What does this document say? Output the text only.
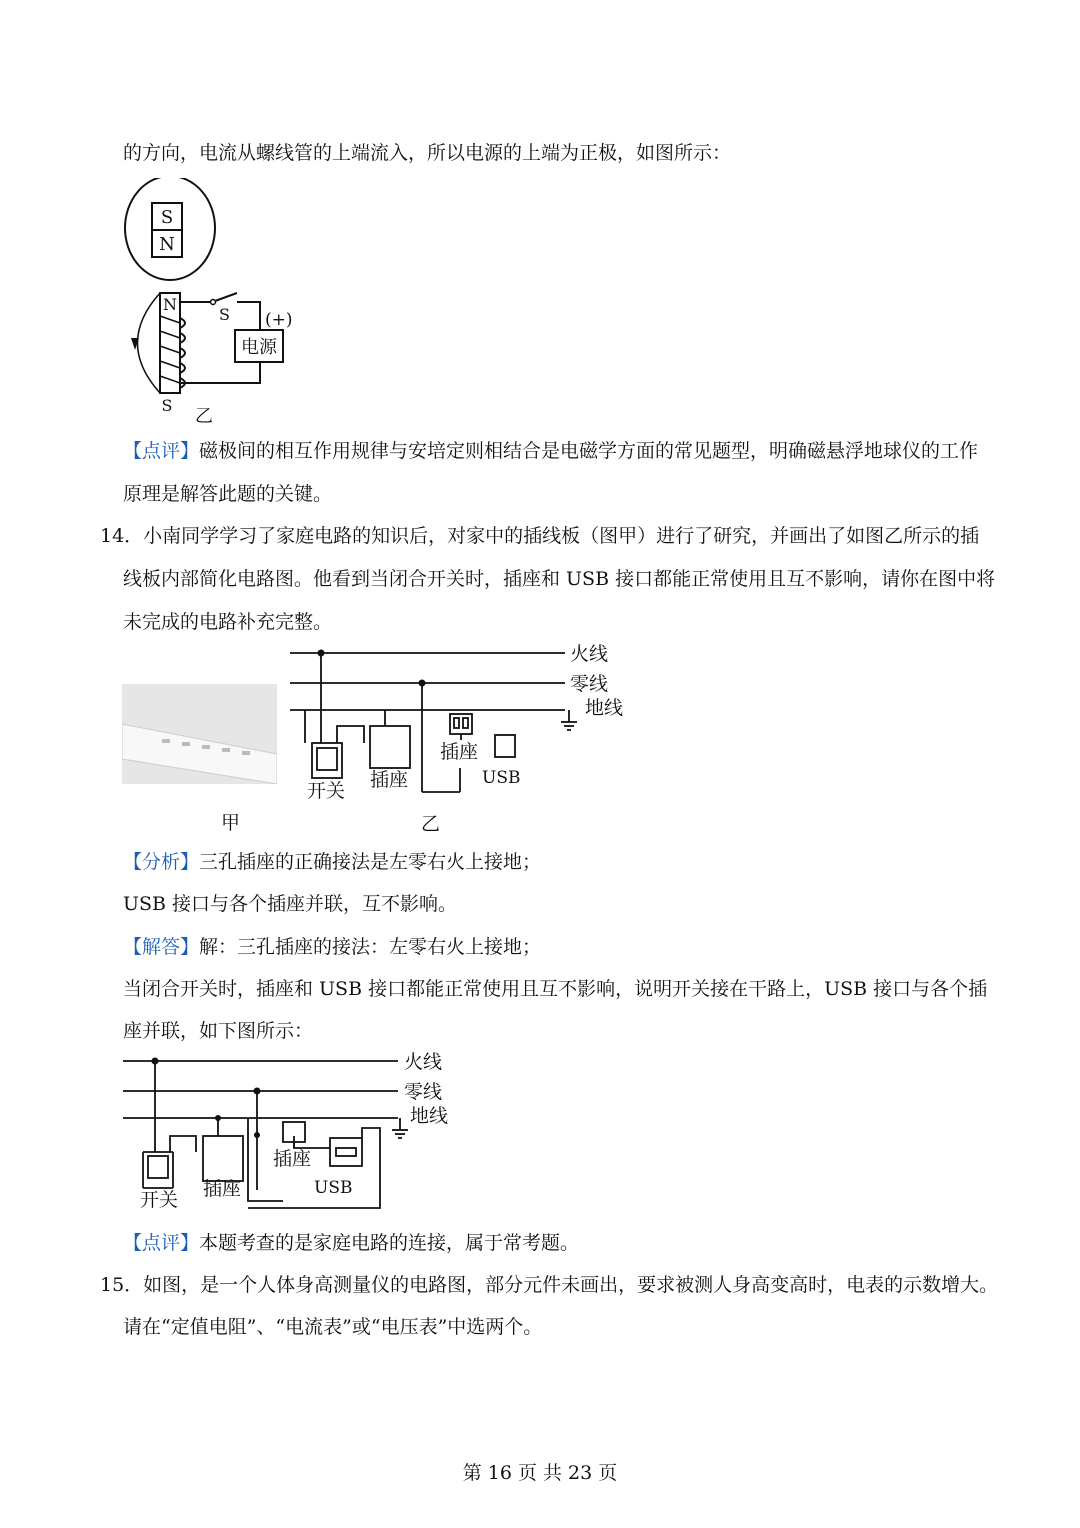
的方向，电流从螺线管的上端流入，所以电源的上端为正极，如图所示：
S
N
N
S
乙
S (+)
电源
【点评】磁极间的相互作用规律与安培定则相结合是电磁学方面的常见题型，明确磁悬浮地球仪的工作
原理是解答此题的关键。
14．小南同学学习了家庭电路的知识后，对家中的插线板（图甲）进行了研究，并画出了如图乙所示的插
线板内部简化电路图。他看到当闭合开关时，插座和 USB 接口都能正常使用且互不影响，请你在图中将
未完成的电路补充完整。
甲
火线
零线
地线
开关 插座
插座
USB
乙
【分析】三孔插座的正确接法是左零右火上接地；
USB 接口与各个插座并联，互不影响。
【解答】解：三孔插座的接法：左零右火上接地；
当闭合开关时，插座和 USB 接口都能正常使用且互不影响，说明开关接在干路上，USB 接口与各个插
座并联，如下图所示：
火线
零线
地线
开关 插座
插座
USB
【点评】本题考查的是家庭电路的连接，属于常考题。
15．如图，是一个人体身高测量仪的电路图，部分元件未画出，要求被测人身高变高时，电表的示数增大。
请在“定值电阻”、“电流表”或“电压表”中选两个。
第 16 页 共 23 页
